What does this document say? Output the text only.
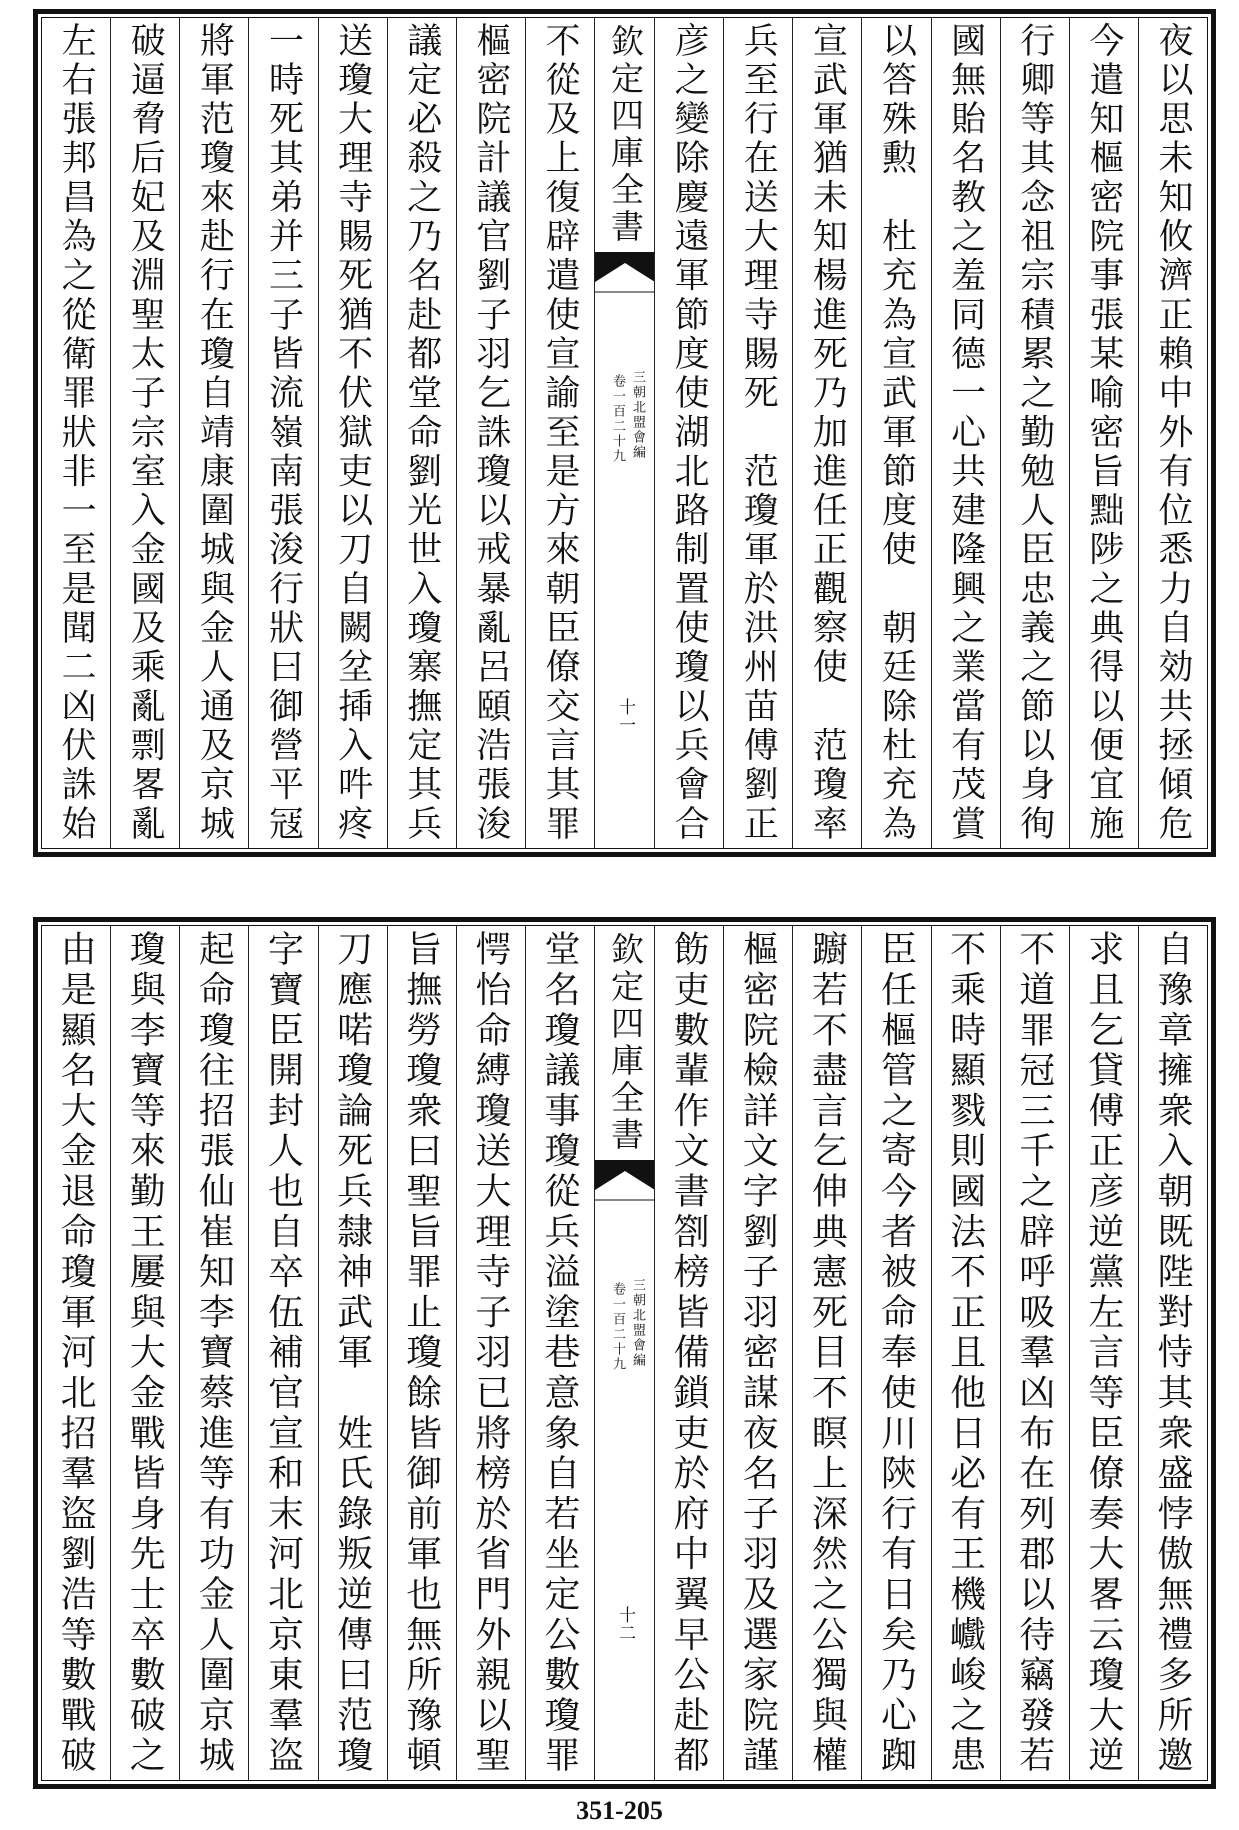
夜以思未知攸濟正賴中外有位悉力自効共拯傾危
今遣知樞密院事張某喻密旨黜陟之典得以便宜施
行卿等其念祖宗積累之勤勉人臣忠義之節以身徇
國無貽名教之羞同德一心共建隆興之業當有茂賞
以答殊勲　杜充為宣武軍節度使　朝廷除杜充為
宣武軍猶未知楊進死乃加進任正觀察使　范瓊率
兵至行在送大理寺賜死　范瓊軍於洪州苗傅劉正
彦之變除慶遠軍節度使湖北路制置使瓊以兵會合
欽定四庫全書
三朝北盟會編
卷一百二十九
十一
不從及上復辟遣使宣諭至是方來朝臣僚交言其罪
樞密院計議官劉子羽乞誅瓊以戒暴亂呂頤浩張浚
議定必殺之乃名赴都堂命劉光世入瓊寨撫定其兵
送瓊大理寺賜死猶不伏獄吏以刀自闕坌揷入吽疼
一時死其弟并三子皆流嶺南張浚行狀曰御營平冦
將軍范瓊來赴行在瓊自靖康圍城與金人通及京城
破逼脅后妃及淵聖太子宗室入金國及乘亂剽畧亂
左右張邦昌為之從衛罪狀非一至是聞二凶伏誅始
自豫章擁衆入朝既陛對恃其衆盛悖傲無禮多所邀
求且乞貸傅正彦逆黨左言等臣僚奏大畧云瓊大逆
不道罪冠三千之辟呼吸羣凶布在列郡以待竊發若
不乘時顯戮則國法不正且他日必有王機巇峻之患
臣任樞管之寄今者被命奉使川陝行有日矣乃心踟
躕若不盡言乞伸典憲死目不瞑上深然之公獨與權
樞密院檢詳文字劉子羽密謀夜名子羽及選家院謹
飭吏數輩作文書劄榜皆備鎖吏於府中翼早公赴都
欽定四庫全書
三朝北盟會編
卷一百二十九
十二
堂名瓊議事瓊從兵溢塗巷意象自若坐定公數瓊罪
愕怡命縛瓊送大理寺子羽已將榜於省門外親以聖
旨撫勞瓊衆曰聖旨罪止瓊餘皆御前軍也無所豫頓
刀應喏瓊論死兵隸神武軍　姓氏錄叛逆傳曰范瓊
字寶臣開封人也自卒伍補官宣和末河北京東羣盗
起命瓊往招張仙崔知李寶蔡進等有功金人圍京城
瓊與李寶等來勤王屢與大金戰皆身先士卒數破之
由是顯名大金退命瓊軍河北招羣盜劉浩等數戰破
351-205
